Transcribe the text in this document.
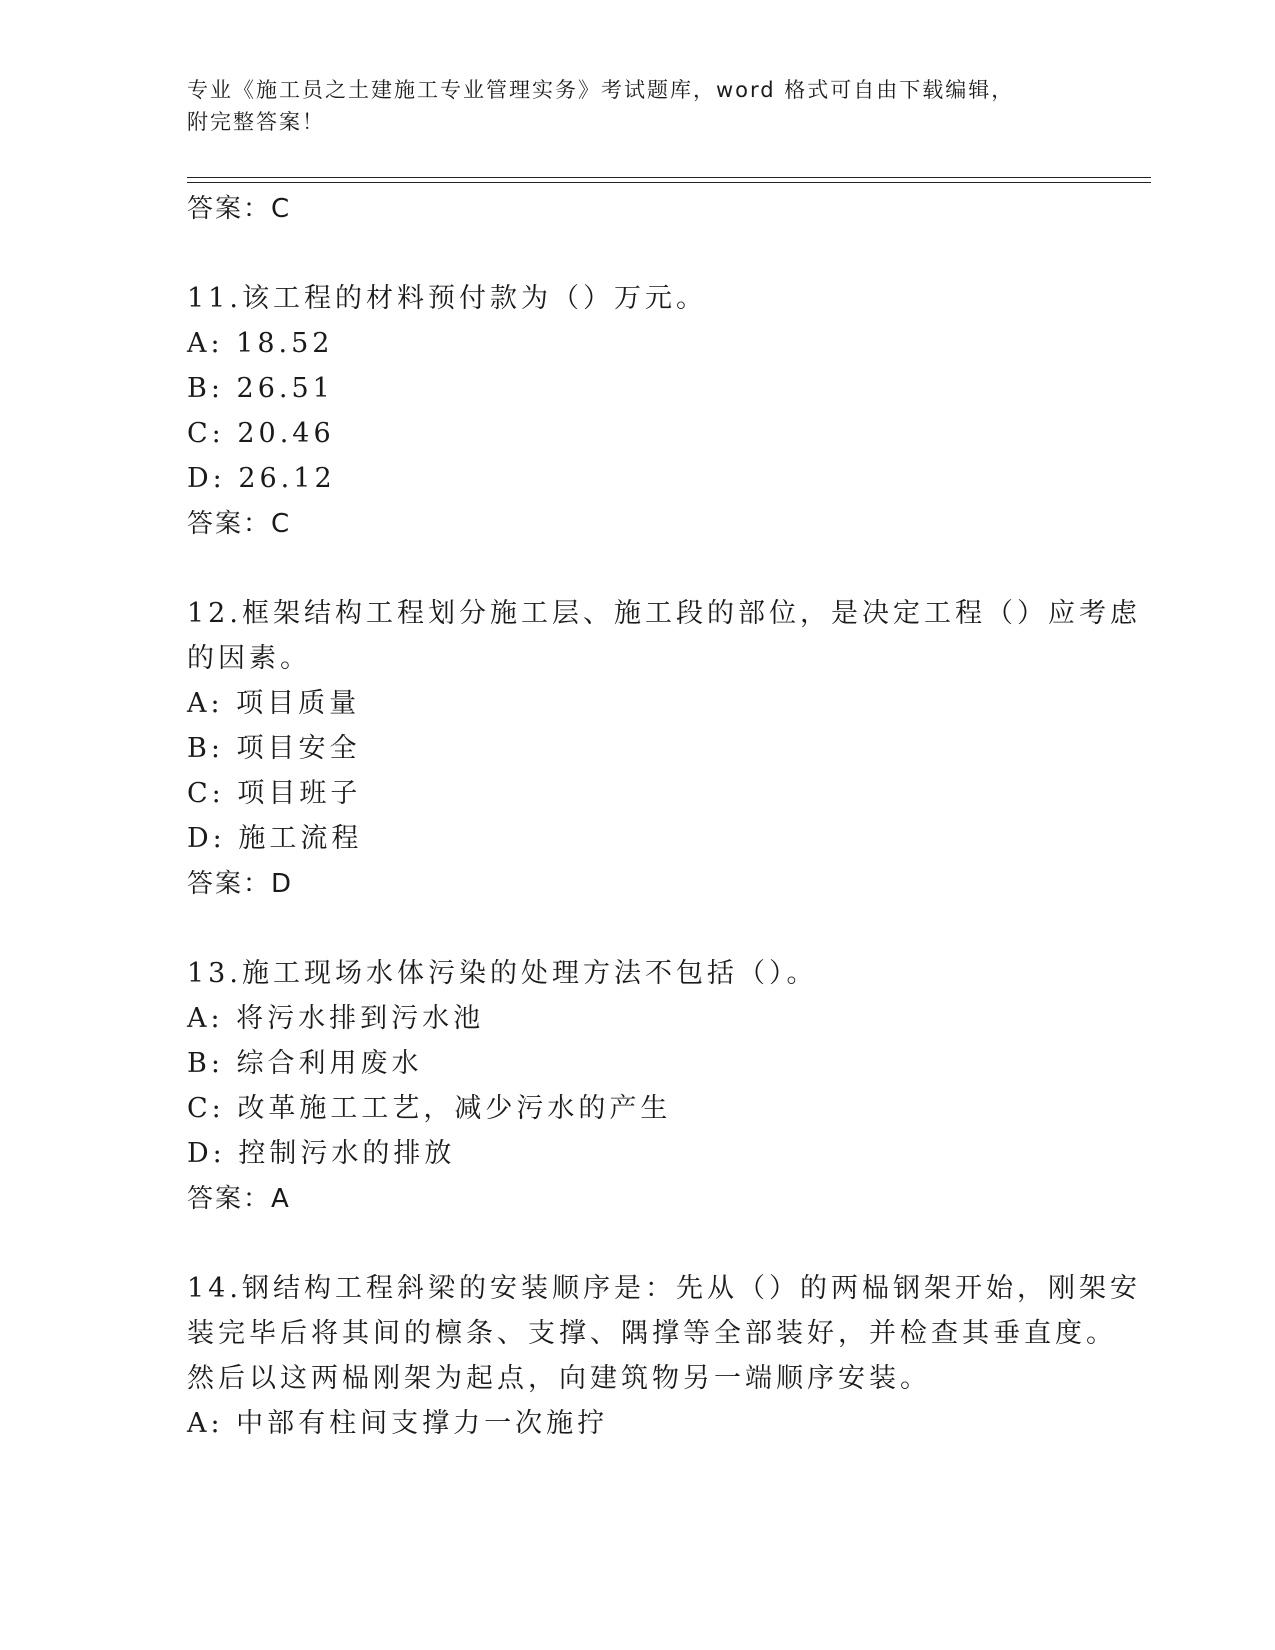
专业《施工员之土建施工专业管理实务》考试题库，word 格式可自由下载编辑，
附完整答案！
答案：C
11.该工程的材料预付款为（）万元。
A: 18.52
B: 26.51
C: 20.46
D: 26.12
答案：C
12.框架结构工程划分施工层、施工段的部位，是决定工程（）应考虑
的因素。
A: 项目质量
B: 项目安全
C: 项目班子
D: 施工流程
答案：D
13.施工现场水体污染的处理方法不包括（）。
A: 将污水排到污水池
B: 综合利用废水
C: 改革施工工艺，减少污水的产生
D: 控制污水的排放
答案：A
14.钢结构工程斜梁的安装顺序是：先从（）的两榀钢架开始，刚架安
装完毕后将其间的檩条、支撑、隅撑等全部装好，并检查其垂直度。
然后以这两榀刚架为起点，向建筑物另一端顺序安装。
A: 中部有柱间支撑力一次施拧
